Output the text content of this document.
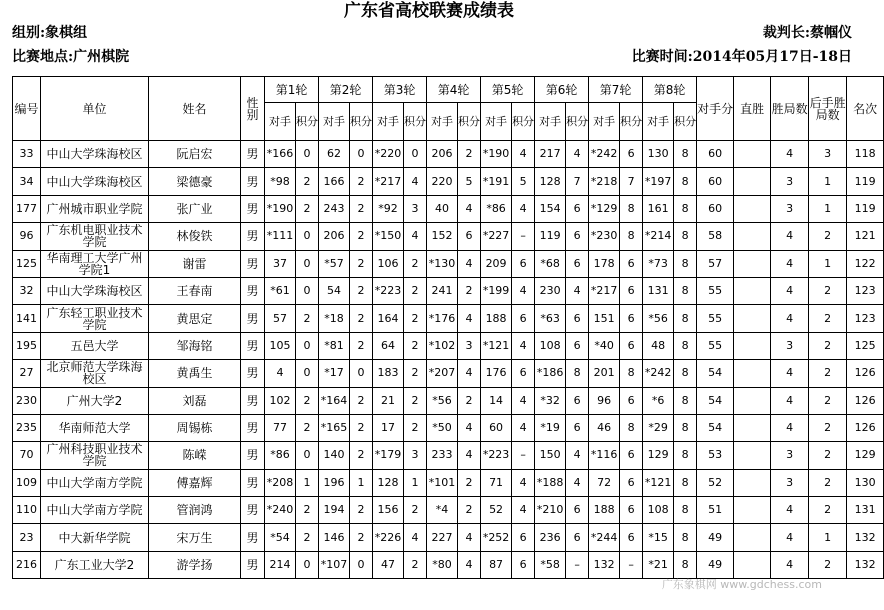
广东省高校联赛成绩表
组别:象棋组	裁判长:蔡帼仪
比赛地点:广州棋院	比赛时间:2014年05月17日-18日
编号	单位	姓名	性别	第1轮		第2轮		第3轮		第4轮		第5轮		第6轮		第7轮		第8轮		对手分	直胜	胜局数	后手胜局数	名次
				对手	积分	对手	积分	对手	积分	对手	积分	对手	积分	对手	积分	对手	积分	对手	积分					
33	中山大学珠海校区	阮启宏	男	*166	0	62	0	*220	0	206	2	*190	4	217	4	*242	6	130	8	60		4	3	118
34	中山大学珠海校区	梁德豪	男	*98	2	166	2	*217	4	220	5	*191	5	128	7	*218	7	*197	8	60		3	1	119
177	广州城市职业学院	张广业	男	*190	2	243	2	*92	3	40	4	*86	4	154	6	*129	8	161	8	60		3	1	119
96	广东机电职业技术学院	林俊铁	男	*111	0	206	2	*150	4	152	6	*227	–	119	6	*230	8	*214	8	58		4	2	121
125	华南理工大学广州学院1	谢雷	男	37	0	*57	2	106	2	*130	4	209	6	*68	6	178	6	*73	8	57		4	1	122
32	中山大学珠海校区	王春南	男	*61	0	54	2	*223	2	241	2	*199	4	230	4	*217	6	131	8	55		4	2	123
141	广东轻工职业技术学院	黄思定	男	57	2	*18	2	164	2	*176	4	188	6	*63	6	151	6	*56	8	55		4	2	123
195	五邑大学	邹海铭	男	105	0	*81	2	64	2	*102	3	*121	4	108	6	*40	6	48	8	55		3	2	125
27	北京师范大学珠海校区	黄禹生	男	4	0	*17	0	183	2	*207	4	176	6	*186	8	201	8	*242	8	54		4	2	126
230	广州大学2	刘磊	男	102	2	*164	2	21	2	*56	2	14	4	*32	6	96	6	*6	8	54		4	2	126
235	华南师范大学	周锡栋	男	77	2	*165	2	17	2	*50	4	60	4	*19	6	46	8	*29	8	54		4	2	126
70	广州科技职业技术学院	陈嵘	男	*86	0	140	2	*179	3	233	4	*223	–	150	4	*116	6	129	8	53		3	2	129
109	中山大学南方学院	傅嘉辉	男	*208	1	196	1	128	1	*101	2	71	4	*188	4	72	6	*121	8	52		3	2	130
110	中山大学南方学院	管润鸿	男	*240	2	194	2	156	2	*4	2	52	4	*210	6	188	6	108	8	51		4	2	131
23	中大新华学院	宋万生	男	*54	2	146	2	*226	4	227	4	*252	6	236	6	*244	6	*15	8	49		4	1	132
216	广东工业大学2	游学扬	男	214	0	*107	0	47	2	*80	4	87	6	*58	–	132	–	*21	8	49		4	2	132
广东象棋网 www.gdchess.com
